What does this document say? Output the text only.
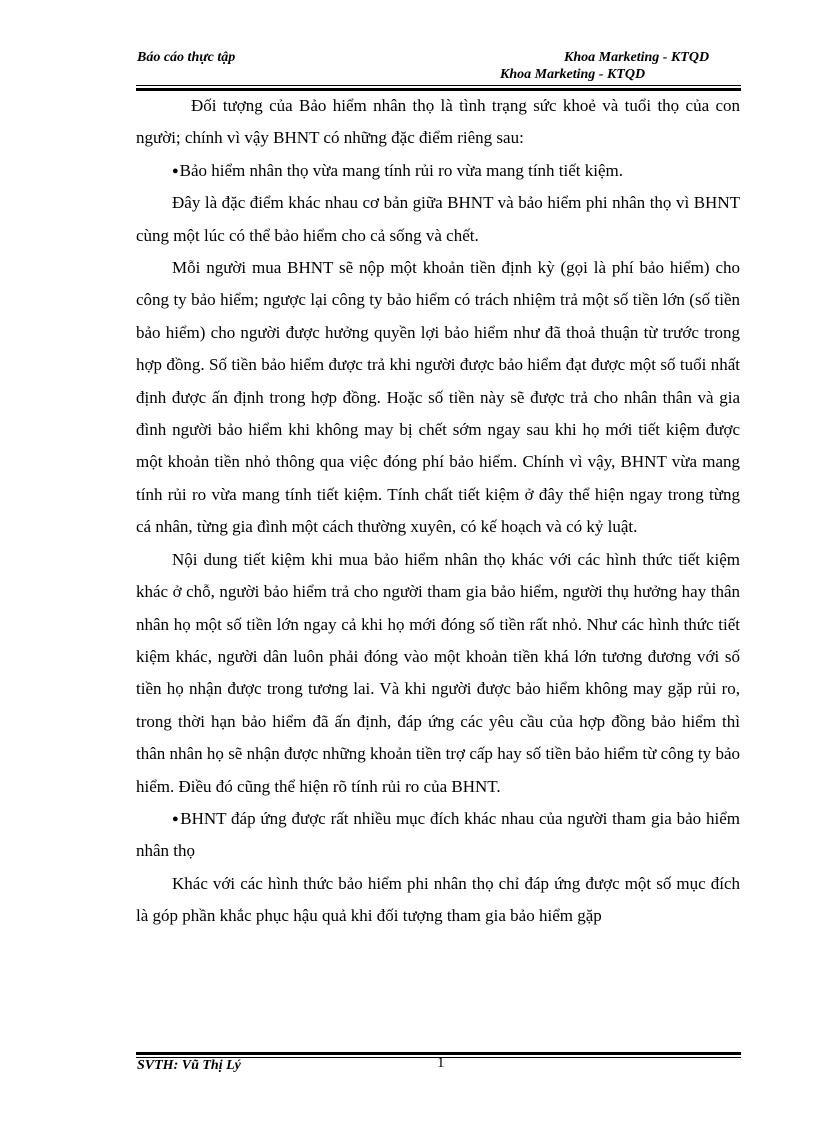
Báo cáo thực tập	Khoa Marketing - KTQD
Khoa Marketing - KTQD

Đối tượng của Bảo hiểm nhân thọ là tình trạng sức khoẻ và tuổi thọ của con người; chính vì vậy BHNT có những đặc điểm riêng sau:

● Bảo hiểm nhân thọ vừa mang tính rủi ro vừa mang tính tiết kiệm.

Đây là đặc điểm khác nhau cơ bản giữa BHNT và bảo hiểm phi nhân thọ vì BHNT cùng một lúc có thể bảo hiểm cho cả sống và chết.

Mỗi người mua BHNT sẽ nộp một khoản tiền định kỳ (gọi là phí bảo hiểm) cho công ty bảo hiểm; ngược lại công ty bảo hiểm có trách nhiệm trả một số tiền lớn (số tiền bảo hiểm) cho người được hưởng quyền lợi bảo hiểm như đã thoả thuận từ trước trong hợp đồng. Số tiền bảo hiểm được trả khi người được bảo hiểm đạt được một số tuổi nhất định được ấn định trong hợp đồng. Hoặc số tiền này sẽ được trả cho nhân thân và gia đình người bảo hiểm khi không may bị chết sớm ngay sau khi họ mới tiết kiệm được một khoản tiền nhỏ thông qua việc đóng phí bảo hiểm. Chính vì vậy, BHNT vừa mang tính rủi ro vừa mang tính tiết kiệm. Tính chất tiết kiệm ở đây thể hiện ngay trong từng cá nhân, từng gia đình một cách thường xuyên, có kế hoạch và có kỷ luật.

Nội dung tiết kiệm khi mua bảo hiểm nhân thọ khác với các hình thức tiết kiệm khác ở chỗ, người bảo hiểm trả cho người tham gia bảo hiểm, người thụ hưởng hay thân nhân họ một số tiền lớn ngay cả khi họ mới đóng số tiền rất nhỏ. Như các hình thức tiết kiệm khác, người dân luôn phải đóng vào một khoản tiền khá lớn tương đương với số tiền họ nhận được trong tương lai. Và khi người được bảo hiểm không may gặp rủi ro, trong thời hạn bảo hiểm đã ấn định, đáp ứng các yêu cầu của hợp đồng bảo hiểm thì thân nhân họ sẽ nhận được những khoản tiền trợ cấp hay số tiền bảo hiểm từ công ty bảo hiểm. Điều đó cũng thể hiện rõ tính rủi ro của BHNT.

● BHNT đáp ứng được rất nhiều mục đích khác nhau của người tham gia bảo hiểm nhân thọ

Khác với các hình thức bảo hiểm phi nhân thọ chỉ đáp ứng được một số mục đích là góp phần khắc phục hậu quả khi đối tượng tham gia bảo hiểm gặp

SVTH: Vũ Thị Lý	1
